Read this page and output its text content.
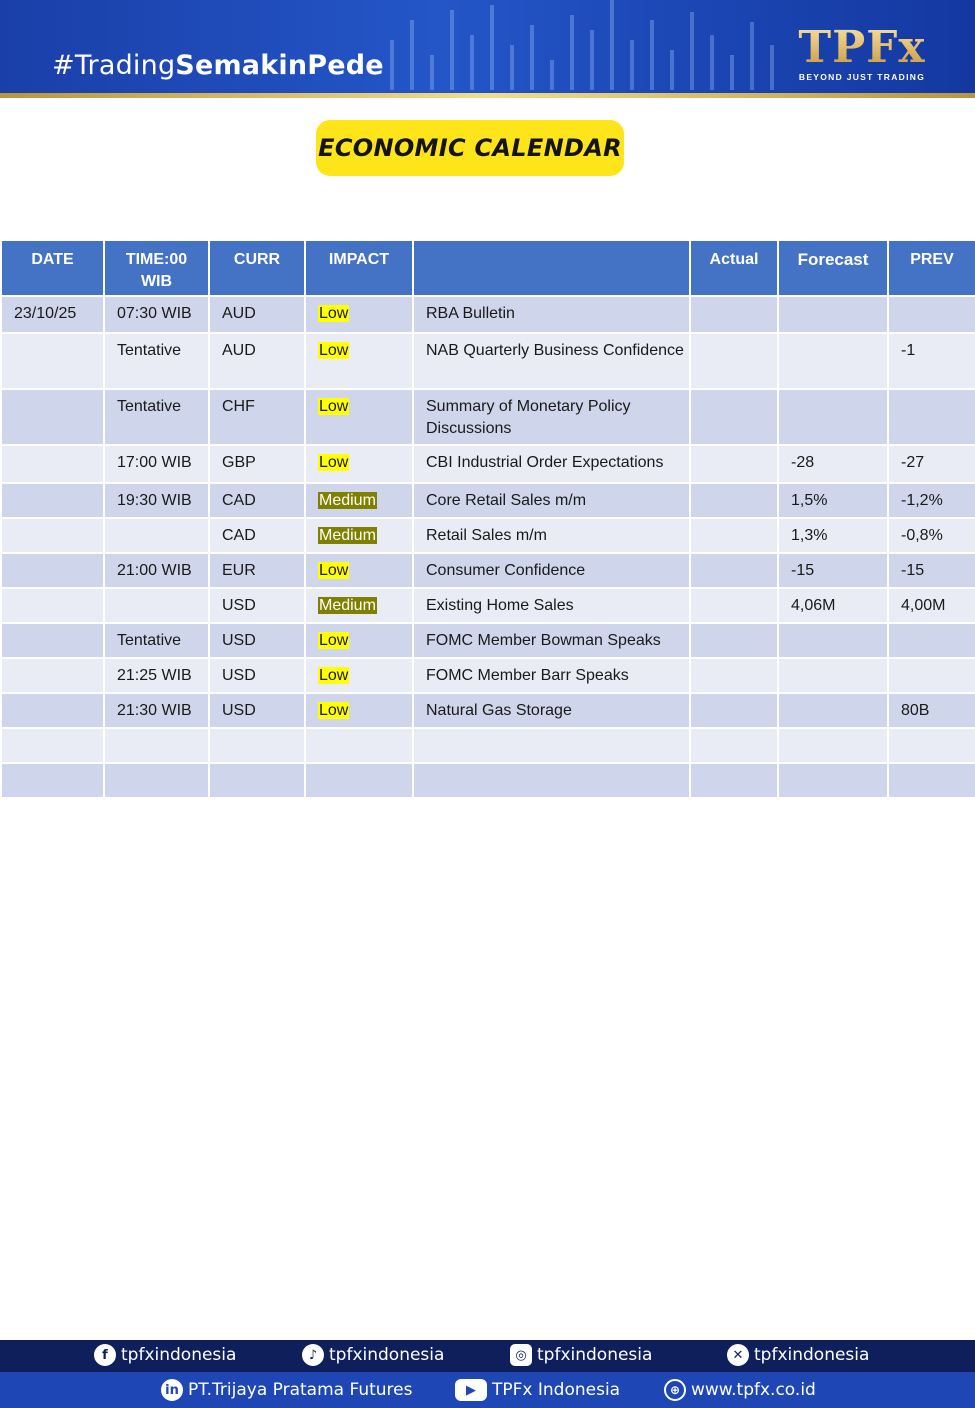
#TradingSemakinPede	TPFx
BEYOND JUST TRADING
ECONOMIC CALENDAR
DATE	TIME:00 WIB	CURR	IMPACT		Actual	Forecast	PREV
23/10/25	07:30 WIB	AUD	Low	RBA Bulletin			
	Tentative	AUD	Low	NAB Quarterly Business Confidence			-1
	Tentative	CHF	Low	Summary of Monetary Policy Discussions			
	17:00 WIB	GBP	Low	CBI Industrial Order Expectations		-28	-27
	19:30 WIB	CAD	Medium	Core Retail Sales m/m		1,5%	-1,2%
		CAD	Medium	Retail Sales m/m		1,3%	-0,8%
	21:00 WIB	EUR	Low	Consumer Confidence		-15	-15
		USD	Medium	Existing Home Sales		4,06M	4,00M
	Tentative	USD	Low	FOMC Member Bowman Speaks			
	21:25 WIB	USD	Low	FOMC Member Barr Speaks			
	21:30 WIB	USD	Low	Natural Gas Storage			80B

f tpfxindonesia	♪ tpfxindonesia	◎ tpfxindonesia	✕ tpfxindonesia
in PT.Trijaya Pratama Futures	▶ TPFx Indonesia	⊕ www.tpfx.co.id
